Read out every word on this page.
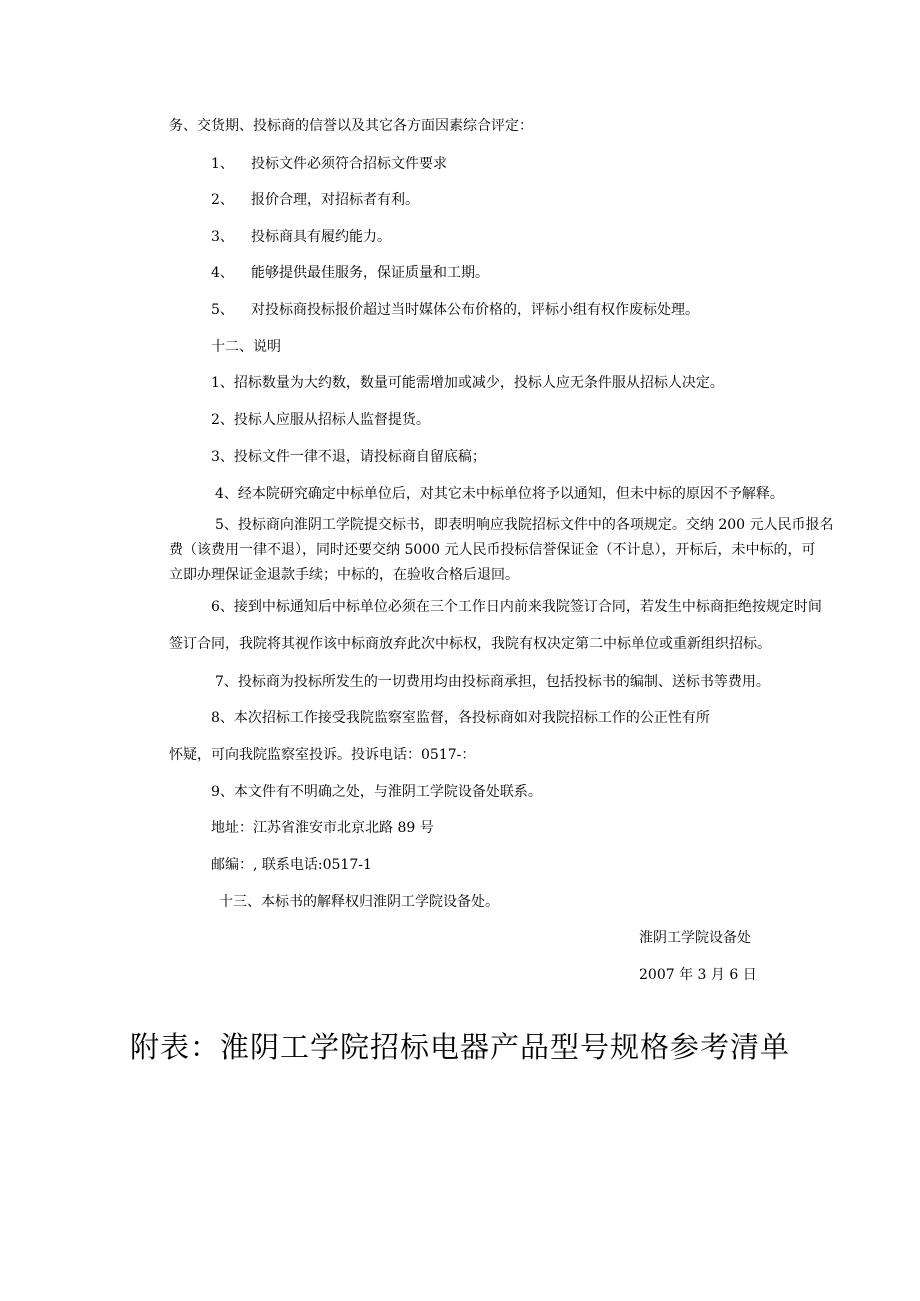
务、交货期、投标商的信誉以及其它各方面因素综合评定：
1、 投标文件必须符合招标文件要求
2、 报价合理，对招标者有利。
3、 投标商具有履约能力。
4、 能够提供最佳服务，保证质量和工期。
5、 对投标商投标报价超过当时媒体公布价格的，评标小组有权作废标处理。
十二、说明
1、招标数量为大约数，数量可能需增加或减少，投标人应无条件服从招标人决定。
2、投标人应服从招标人监督提货。
3、投标文件一律不退，请投标商自留底稿；
4、经本院研究确定中标单位后，对其它未中标单位将予以通知，但未中标的原因不予解释。
5、投标商向淮阴工学院提交标书，即表明响应我院招标文件中的各项规定。交纳 200 元人民币报名
费（该费用一律不退），同时还要交纳 5000 元人民币投标信誉保证金（不计息），开标后，未中标的，可
立即办理保证金退款手续；中标的，在验收合格后退回。
6、接到中标通知后中标单位必须在三个工作日内前来我院签订合同，若发生中标商拒绝按规定时间
签订合同，我院将其视作该中标商放弃此次中标权，我院有权决定第二中标单位或重新组织招标。
7、投标商为投标所发生的一切费用均由投标商承担，包括投标书的编制、送标书等费用。
8、本次招标工作接受我院监察室监督，各投标商如对我院招标工作的公正性有所
怀疑，可向我院监察室投诉。投诉电话：0517-：
9、本文件有不明确之处，与淮阴工学院设备处联系。
地址：江苏省淮安市北京北路 89 号
邮编：, 联系电话:0517-1
十三、本标书的解释权归淮阴工学院设备处。
淮阴工学院设备处
2007 年 3 月 6 日
附表：淮阴工学院招标电器产品型号规格参考清单
